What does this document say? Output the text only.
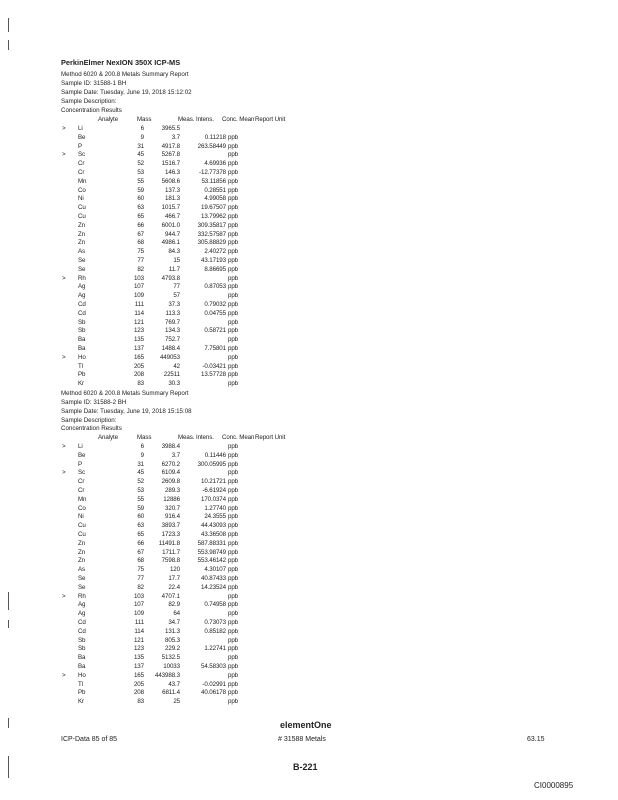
PerkinElmer NexION 350X ICP-MS
Method 6020 & 200.8 Metals Summary Report
Sample ID: 31588-1 BH
Sample Date: Tuesday, June 19, 2018 15:12:02
Sample Description:
Concentration Results
Analyte	Mass	Meas. Intens. Conc. Mean Report Unit
>	Li	6	3965.5
Be	9	3.7	0.11218 ppb
P	31	4917.8	263.58449 ppb
>	Sc	45	5267.8	ppb
Cr	52	1516.7	4.69936 ppb
Cr	53	146.3	-12.77378 ppb
Mn	55	5608.6	53.11856 ppb
Co	59	137.3	0.28551 ppb
Ni	60	181.3	4.99058 ppb
Cu	63	1015.7	19.67507 ppb
Cu	65	466.7	13.79962 ppb
Zn	66	6001.0	309.35817 ppb
Zn	67	944.7	332.57587 ppb
Zn	68	4986.1	305.88829 ppb
As	75	84.3	2.40272 ppb
Se	77	15	43.17193 ppb
Se	82	11.7	8.86695 ppb
>	Rh	103	4793.8	ppb
Ag	107	77	0.87053 ppb
Ag	109	57	ppb
Cd	111	37.3	0.79032 ppb
Cd	114	113.3	0.04755 ppb
Sb	121	769.7	ppb
Sb	123	134.3	0.58721 ppb
Ba	135	752.7	ppb
Ba	137	1488.4	7.75801 ppb
>	Ho	165	449053	ppb
Tl	205	42	-0.03421 ppb
Pb	208	22511	13.57728 ppb
Kr	83	30.3	ppb
Method 6020 & 200.8 Metals Summary Report
Sample ID: 31588-2 BH
Sample Date: Tuesday, June 19, 2018 15:15:08
Sample Description:
Concentration Results
Analyte	Mass	Meas. Intens. Conc. Mean Report Unit
>	Li	6	3988.4	ppb
Be	9	3.7	0.11446 ppb
P	31	6270.2	300.05995 ppb
>	Sc	45	6109.4	ppb
Cr	52	2609.8	10.21721 ppb
Cr	53	289.3	-6.61924 ppb
Mn	55	12886	170.0374 ppb
Co	59	320.7	1.27740 ppb
Ni	60	916.4	24.3555 ppb
Cu	63	3893.7	44.43093 ppb
Cu	65	1723.3	43.36508 ppb
Zn	66	11491.8	587.88331 ppb
Zn	67	1711.7	553.98749 ppb
Zn	68	7598.8	553.46142 ppb
As	75	120	4.30107 ppb
Se	77	17.7	40.87433 ppb
Se	82	22.4	14.23524 ppb
>	Rh	103	4707.1	ppb
Ag	107	82.9	0.74958 ppb
Ag	109	64	ppb
Cd	111	34.7	0.73073 ppb
Cd	114	131.3	0.85182 ppb
Sb	121	805.3	ppb
Sb	123	229.2	1.22741 ppb
Ba	135	5132.5	ppb
Ba	137	10033	54.58303 ppb
>	Ho	165	443988.3	ppb
Tl	205	43.7	-0.02991 ppb
Pb	208	6811.4	40.06178 ppb
Kr	83	25	ppb
elementOne
ICP-Data 85 of 85	# 31588 Metals	63.15
B-221
CI0000895
